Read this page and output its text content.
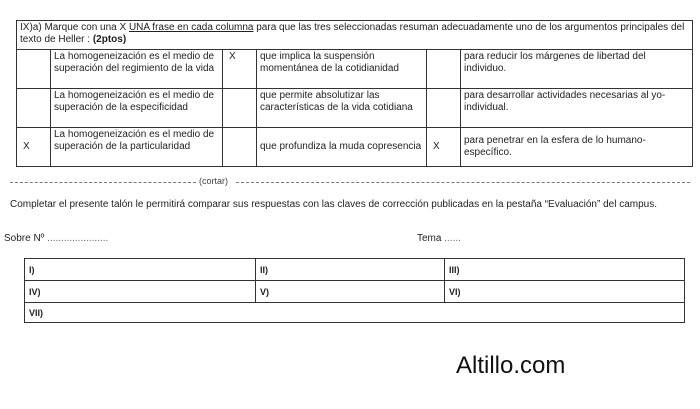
IX)a) Marque con una X UNA frase en cada columna para que las tres seleccionadas resuman adecuadamente uno de los argumentos principales del texto de Heller : (2ptos)					
	La homogeneización es el medio de superación del regimiento de la vida	X	que implica la suspensión momentánea de la cotidianidad		para reducir los márgenes de libertad del individuo.
	La homogeneización es el medio de superación de la especificidad		que permite absolutizar las características de la vida cotidiana		para desarrollar actividades necesarias al yo-individual.
X	La homogeneización es el medio de superación de la particularidad		que profundiza la muda copresencia	X	para penetrar en la esfera de lo humano-específico.
(cortar)
Completar el presente talón le permitirá comparar sus respuestas con las claves de corrección publicadas en la pestaña “Evaluación” del campus.
Sobre Nº ......................	Tema ......
I)	II)	III)
IV)	V)	VI)
VII)		
Altillo.com
